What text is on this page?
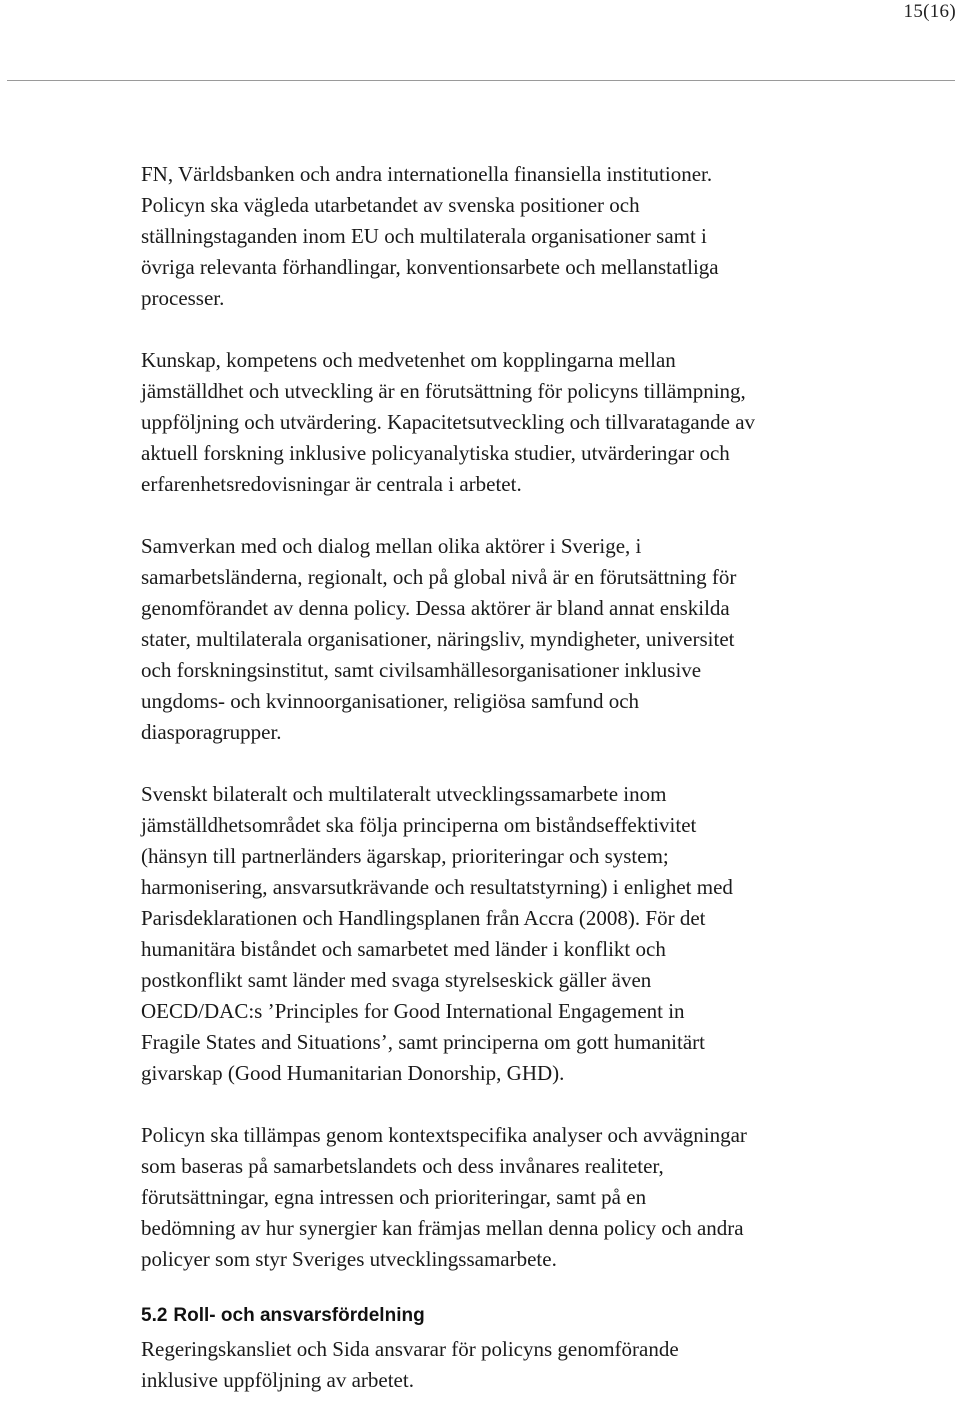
15(16)

FN, Världsbanken och andra internationella finansiella institutioner.
Policyn ska vägleda utarbetandet av svenska positioner och
ställningstaganden inom EU och multilaterala organisationer samt i
övriga relevanta förhandlingar, konventionsarbete och mellanstatliga
processer.

Kunskap, kompetens och medvetenhet om kopplingarna mellan
jämställdhet och utveckling är en förutsättning för policyns tillämpning,
uppföljning och utvärdering. Kapacitetsutveckling och tillvaratagande av
aktuell forskning inklusive policyanalytiska studier, utvärderingar och
erfarenhetsredovisningar är centrala i arbetet.

Samverkan med och dialog mellan olika aktörer i Sverige, i
samarbetsländerna, regionalt, och på global nivå är en förutsättning för
genomförandet av denna policy. Dessa aktörer är bland annat enskilda
stater, multilaterala organisationer, näringsliv, myndigheter, universitet
och forskningsinstitut, samt civilsamhällesorganisationer inklusive
ungdoms- och kvinnoorganisationer, religiösa samfund och
diasporagrupper.

Svenskt bilateralt och multilateralt utvecklingssamarbete inom
jämställdhetsområdet ska följa principerna om biståndseffektivitet
(hänsyn till partnerländers ägarskap, prioriteringar och system;
harmonisering, ansvarsutkrävande och resultatstyrning) i enlighet med
Parisdeklarationen och Handlingsplanen från Accra (2008). För det
humanitära biståndet och samarbetet med länder i konflikt och
postkonflikt samt länder med svaga styrelseskick gäller även
OECD/DAC:s ’Principles for Good International Engagement in
Fragile States and Situations’, samt principerna om gott humanitärt
givarskap (Good Humanitarian Donorship, GHD).

Policyn ska tillämpas genom kontextspecifika analyser och avvägningar
som baseras på samarbetslandets och dess invånares realiteter,
förutsättningar, egna intressen och prioriteringar, samt på en
bedömning av hur synergier kan främjas mellan denna policy och andra
policyer som styr Sveriges utvecklingssamarbete.

5.2 Roll- och ansvarsfördelning

Regeringskansliet och Sida ansvarar för policyns genomförande
inklusive uppföljning av arbetet.
